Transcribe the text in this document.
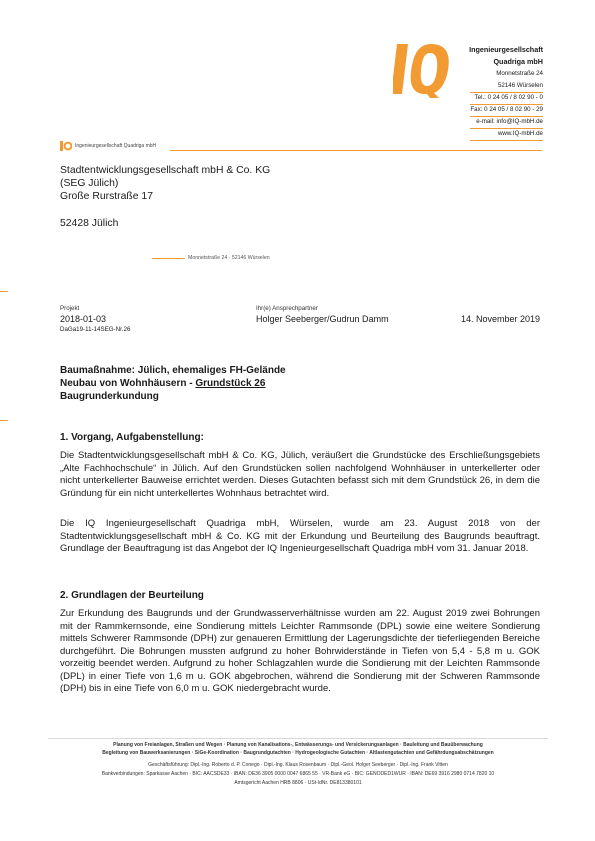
Ingenieurgesellschaft
Quadriga mbH
Monnetstraße 24
52146 Würselen
Tel.: 0 24 05 / 8 02 90 - 0
Fax: 0 24 05 / 8 02 90 - 29
e-mail: info@IQ-mbH.de
www.IQ-mbH.de
Ingenieurgesellschaft Quadriga mbH
Stadtentwicklungsgesellschaft mbH & Co. KG
(SEG Jülich)
Große Rurstraße 17
52428 Jülich
Monnetstraße 24 · 52146 Würselen
Projekt
2018-01-03
DaGa19-11-14SEG-Nr.26
Ihr(e) Ansprechpartner
Holger Seeberger/Gudrun Damm	14. November 2019
Baumaßnahme: Jülich, ehemaliges FH-Gelände
Neubau von Wohnhäusern - Grundstück 26
Baugrunderkundung
1. Vorgang, Aufgabenstellung:
Die Stadtentwicklungsgesellschaft mbH & Co. KG, Jülich, veräußert die Grundstücke des Erschließungsgebiets „Alte Fachhochschule“ in Jülich. Auf den Grundstücken sollen nachfolgend Wohnhäuser in unterkellerter oder nicht unterkellerter Bauweise errichtet werden. Dieses Gutachten befasst sich mit dem Grundstück 26, in dem die Gründung für ein nicht unterkellertes Wohnhaus betrachtet wird.
Die IQ Ingenieurgesellschaft Quadriga mbH, Würselen, wurde am 23. August 2018 von der Stadtentwicklungsgesellschaft mbH & Co. KG mit der Erkundung und Beurteilung des Baugrunds beauftragt. Grundlage der Beauftragung ist das Angebot der IQ Ingenieurgesellschaft Quadriga mbH vom 31. Januar 2018.
2. Grundlagen der Beurteilung
Zur Erkundung des Baugrunds und der Grundwasserverhältnisse wurden am 22. August 2019 zwei Bohrungen mit der Rammkernsonde, eine Sondierung mittels Leichter Rammsonde (DPL) sowie eine weitere Sondierung mittels Schwerer Rammsonde (DPH) zur genaueren Ermittlung der Lagerungsdichte der tieferliegenden Bereiche durchgeführt. Die Bohrungen mussten aufgrund zu hoher Bohrwiderstände in Tiefen von 5,4 - 5,8 m u. GOK vorzeitig beendet werden. Aufgrund zu hoher Schlagzahlen wurde die Sondierung mit der Leichten Rammsonde (DPL) in einer Tiefe von 1,6 m u. GOK abgebrochen, während die Sondierung mit der Schweren Rammsonde (DPH) bis in eine Tiefe von 6,0 m u. GOK niedergebracht wurde.
Planung von Freianlagen, Straßen und Wegen · Planung von Kanalisations-, Entwässerungs- und Versickerungsanlagen · Bauleitung und Bauüberwachung
Begleitung von Bauwerksanierungen · SiGe-Koordination · Baugrundgutachten · Hydrogeologische Gutachten · Altlastengutachten und Gefährdungsabschätzungen
Geschäftsführung: Dipl.-Ing. Roberto d. P. Conego · Dipl.-Ing. Klaus Rosenbaum · Dipl.-Geol. Holger Seeberger · Dipl.-Ing. Frank Vitten
Bankverbindungen: Sparkasse Aachen · BIC: AACSDE33 · IBAN: DE36 3905 0000 0047 6865 55 · VR-Bank eG · BIC: GENODED1WUR · IBAN: DE69 3916 2980 0714 7820 10
Amtsgericht Aachen HRB 8806 · USt-IdNr. DE813380101
